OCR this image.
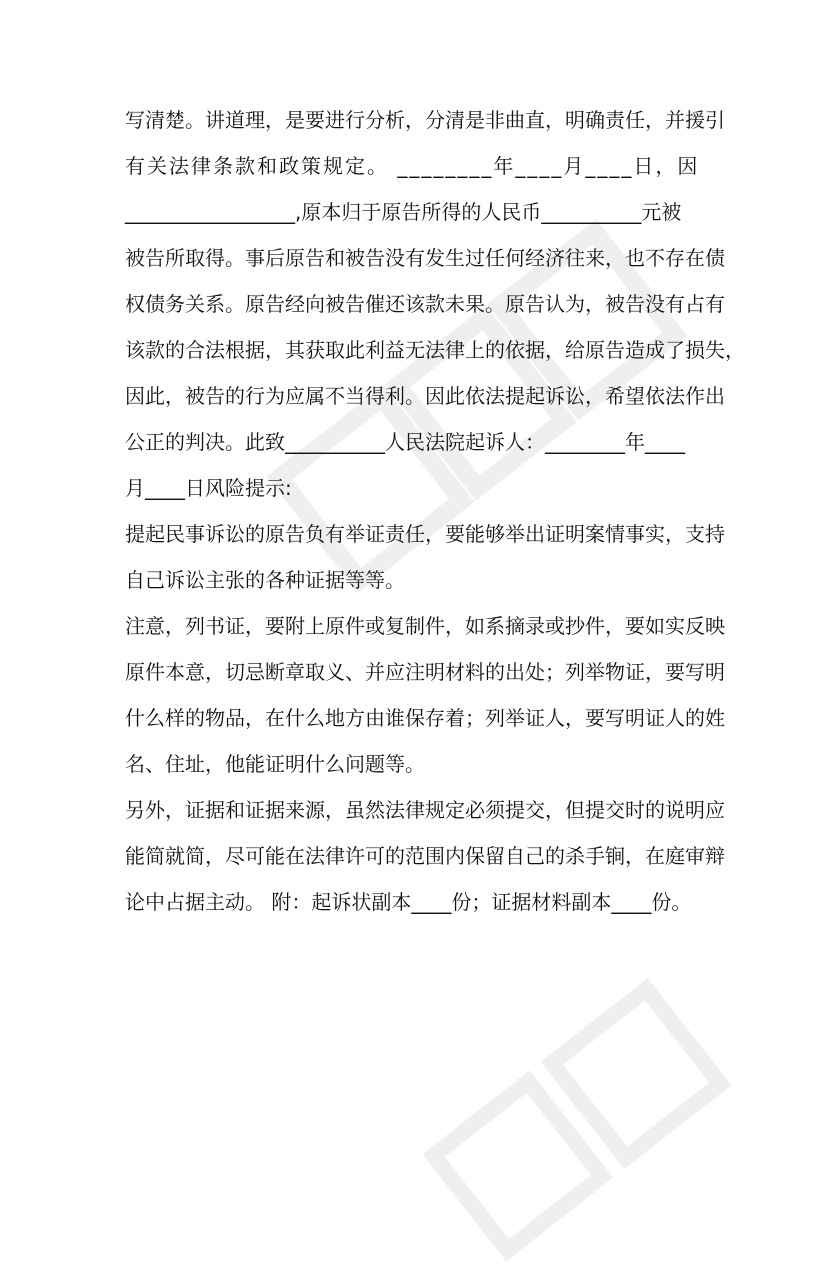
写清楚。讲道理，是要进行分析，分清是非曲直，明确责任，并援引
有关法律条款和政策规定。 ________年____月____日，因
_________________,原本归于原告所得的人民币__________元被
被告所取得。事后原告和被告没有发生过任何经济往来，也不存在债
权债务关系。原告经向被告催还该款未果。原告认为，被告没有占有
该款的合法根据，其获取此利益无法律上的依据，给原告造成了损失，
因此，被告的行为应属不当得利。因此依法提起诉讼，希望依法作出
公正的判决。此致__________人民法院起诉人：________年____
月____日风险提示:
提起民事诉讼的原告负有举证责任，要能够举出证明案情事实，支持
自己诉讼主张的各种证据等等。
注意，列书证，要附上原件或复制件，如系摘录或抄件，要如实反映
原件本意，切忌断章取义、并应注明材料的出处；列举物证，要写明
什么样的物品，在什么地方由谁保存着；列举证人，要写明证人的姓
名、住址，他能证明什么问题等。
另外，证据和证据来源，虽然法律规定必须提交，但提交时的说明应
能简就简，尽可能在法律许可的范围内保留自己的杀手锏，在庭审辩
论中占据主动。 附：起诉状副本____份；证据材料副本____份。
